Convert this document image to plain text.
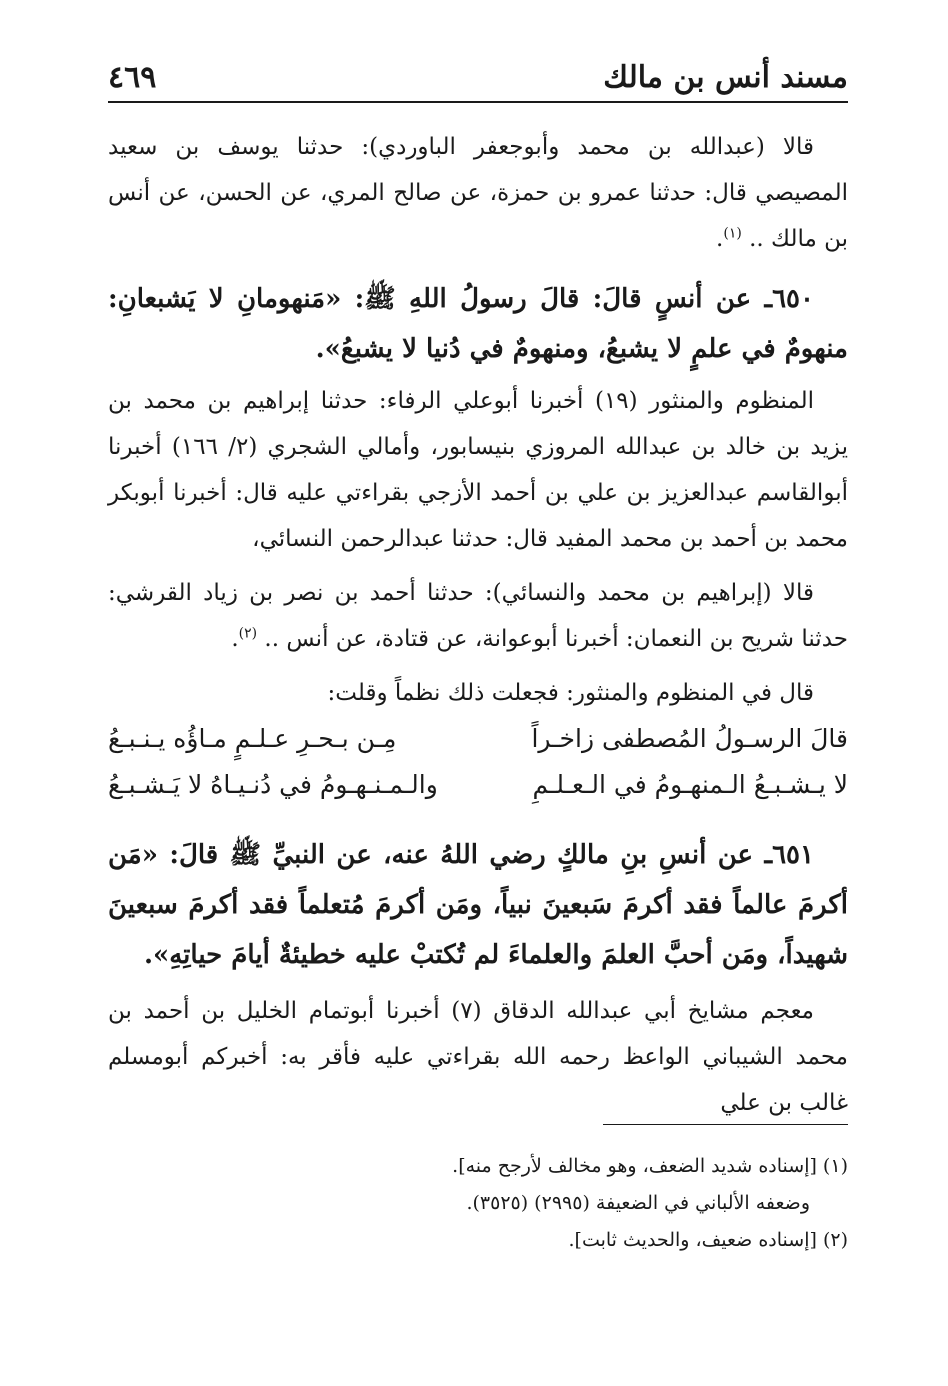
مسند أنس بن مالك
٤٦٩

قالا (عبدالله بن محمد وأبوجعفر الباوردي): حدثنا يوسف بن سعيد المصيصي قال: حدثنا عمرو بن حمزة، عن صالح المري، عن الحسن، عن أنس بن مالك .. $^{(١)}$.

٦٥٠ـ عن أنسٍ قالَ: قالَ رسولُ اللهِ ﷺ: «مَنهومانِ لا يَشبعانِ: منهومٌ في علمٍ لا يشبعُ، ومنهومٌ في دُنيا لا يشبعُ».

المنظوم والمنثور (١٩) أخبرنا أبوعلي الرفاء: حدثنا إبراهيم بن محمد بن يزيد بن خالد بن عبدالله المروزي بنيسابور، وأمالي الشجري (٢/ ١٦٦) أخبرنا أبوالقاسم عبدالعزيز بن علي بن أحمد الأزجي بقراءتي عليه قال: أخبرنا أبوبكر محمد بن أحمد بن محمد المفيد قال: حدثنا عبدالرحمن النسائي،

قالا (إبراهيم بن محمد والنسائي): حدثنا أحمد بن نصر بن زياد القرشي: حدثنا شريح بن النعمان: أخبرنا أبوعوانة، عن قتادة، عن أنس .. $^{(٢)}$.

قال في المنظوم والمنثور: فجعلت ذلك نظماً وقلت:

قالَ الرسـولُ المُصطفى زاخـراً
مِـن بـحـرِ عـلـمٍ مـاؤُه يـنـبـعُ
لا يـشـبـعُ الـمنهـومُ في الـعـلـمِ
والـمـنـهـومُ في دُنـيـاهُ لا يَـشـبـعُ

٦٥١ـ عن أنسِ بنِ مالكٍ رضي اللهُ عنه، عن النبيِّ ﷺ قالَ: «مَن أكرمَ عالماً فقد أكرمَ سَبعينَ نبياً، ومَن أكرمَ مُتعلماً فقد أكرمَ سبعينَ شهيداً، ومَن أحبَّ العلمَ والعلماءَ لم تُكتبْ عليه خطيئةٌ أيامَ حياتِهِ».

معجم مشايخ أبي عبدالله الدقاق (٧) أخبرنا أبوتمام الخليل بن أحمد بن محمد الشيباني الواعظ رحمه الله بقراءتي عليه فأقر به: أخبركم أبومسلم غالب بن علي

(١) [إسناده شديد الضعف، وهو مخالف لأرجح منه].

وضعفه الألباني في الضعيفة (٢٩٩٥) (٣٥٢٥).

(٢) [إسناده ضعيف، والحديث ثابت].
